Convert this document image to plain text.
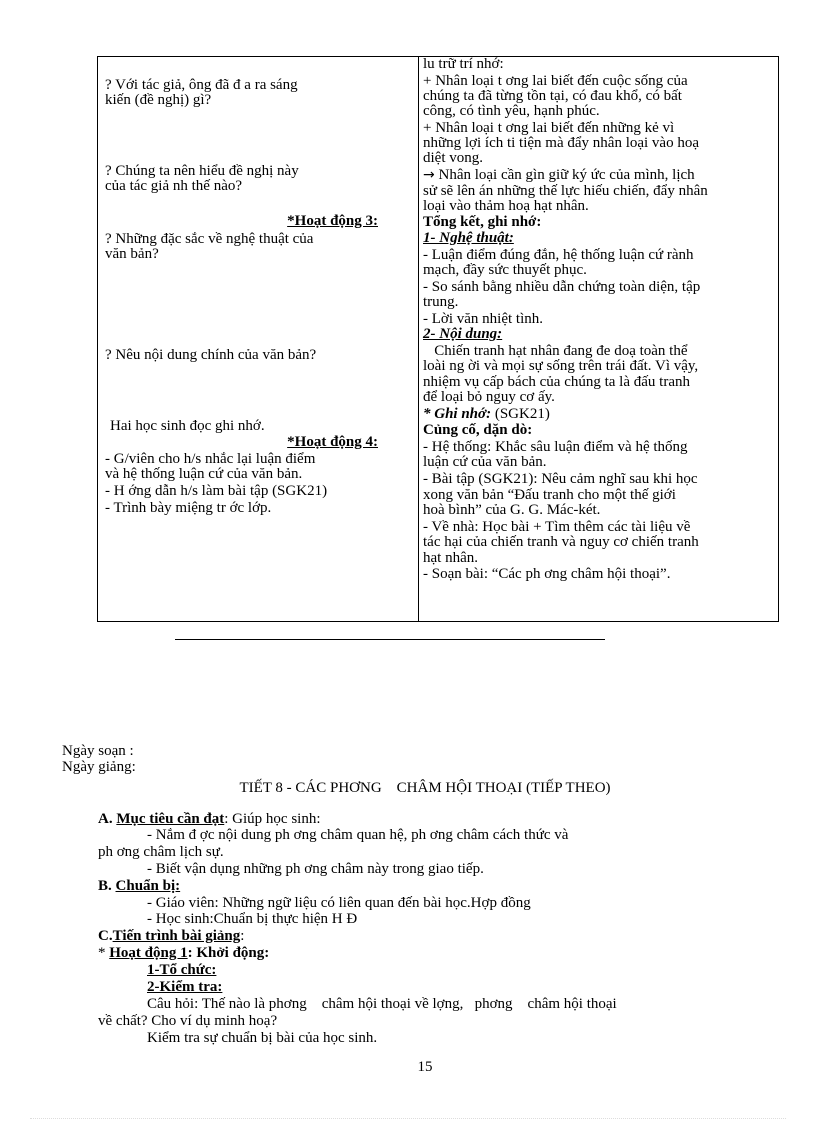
? Với tác giả, ông đã đ a ra sáng
kiến (đề nghị) gì?
? Chúng ta nên hiểu đề nghị này
của tác giả nh thế nào?
*Hoạt động 3:
? Những đặc sắc về nghệ thuật của
văn bản?
? Nêu nội dung chính của văn bản?
Hai học sinh đọc ghi nhớ.
*Hoạt động 4:
- G/viên cho h/s nhắc lại luận điểm
và hệ thống luận cứ của văn bản.
- H ớng dẫn h/s làm bài tập (SGK21)
- Trình bày miệng tr ớc lớp.
lu trữ trí nhớ:
+ Nhân loại t ơng lai biết đến cuộc sống của
chúng ta đã từng tồn tại, có đau khổ, có bất
công, có tình yêu, hạnh phúc.
+ Nhân loại t ơng lai biết đến những kẻ vì
những lợi ích ti tiện mà đẩy nhân loại vào hoạ
diệt vong.
→ Nhân loại cần gìn giữ ký ức của mình, lịch
sử sẽ lên án những thế lực hiếu chiến, đẩy nhân
loại vào thảm hoạ hạt nhân.
Tổng kết, ghi nhớ:
1- Nghệ thuật:
- Luận điểm đúng đắn, hệ thống luận cứ rành
mạch, đầy sức thuyết phục.
- So sánh bằng nhiều dẫn chứng toàn diện, tập
trung.
- Lời văn nhiệt tình.
2- Nội dung:
Chiến tranh hạt nhân đang đe doạ toàn thể
loài ng ời và mọi sự sống trên trái đất. Vì vậy,
nhiệm vụ cấp bách của chúng ta là đấu tranh
để loại bỏ nguy cơ ấy.
* Ghi nhớ: (SGK21)
Củng cố, dặn dò:
- Hệ thống: Khắc sâu luận điểm và hệ thống
luận cứ của văn bản.
- Bài tập (SGK21): Nêu cảm nghĩ sau khi học
xong văn bản “Đấu tranh cho một thế giới
hoà bình” của G. G. Mác-két.
- Về nhà: Học bài + Tìm thêm các tài liệu về
tác hại của chiến tranh và nguy cơ chiến tranh
hạt nhân.
- Soạn bài: “Các ph ơng châm hội thoại”.
Ngày soạn :
Ngày giảng:
TIẾT 8 - CÁC PHƠNG    CHÂM HỘI THOẠI (TIẾP THEO)
A. Mục tiêu cần đạt: Giúp học sinh:
- Nắm đ ợc nội dung ph ơng châm quan hệ, ph ơng châm cách thức và
ph ơng châm lịch sự.
- Biết vận dụng những ph ơng châm này trong giao tiếp.
B. Chuẩn bị:
- Giáo viên: Những ngữ liệu có liên quan đến bài học.Hợp đồng
- Học sinh:Chuẩn bị thực hiện H Đ
C.Tiến trình bài giảng:
* Hoạt động 1: Khởi động:
1-Tổ chức:
2-Kiểm tra:
Câu hỏi: Thế nào là phơng    châm hội thoại về lợng,   phơng    châm hội thoại
về chất? Cho ví dụ minh hoạ?
Kiểm tra sự chuẩn bị bài của học sinh.
15
